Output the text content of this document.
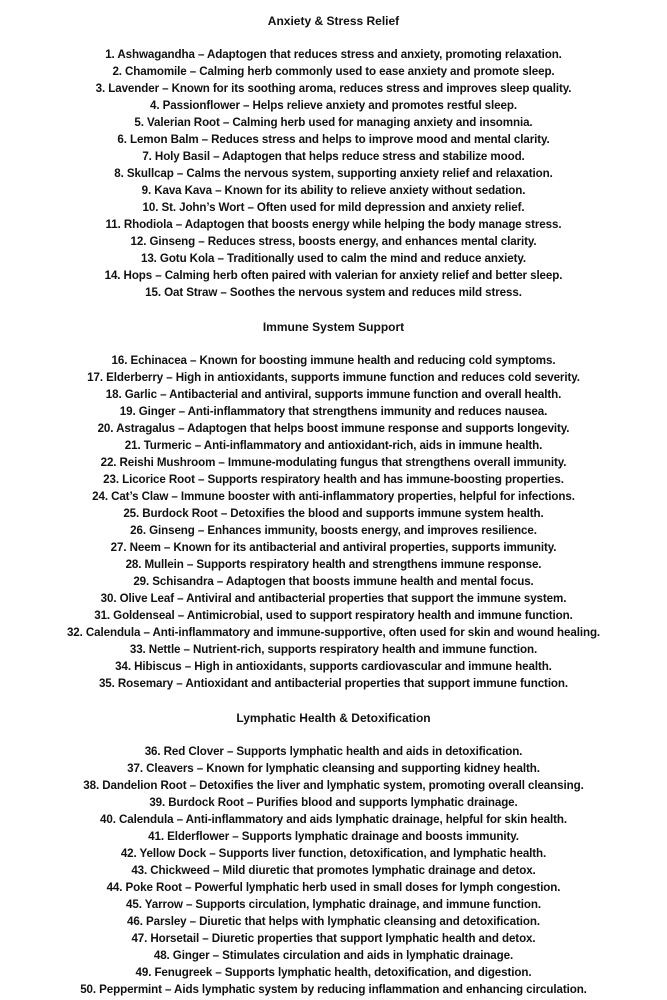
Anxiety & Stress Relief
1. Ashwagandha – Adaptogen that reduces stress and anxiety, promoting relaxation.
2. Chamomile – Calming herb commonly used to ease anxiety and promote sleep.
3. Lavender – Known for its soothing aroma, reduces stress and improves sleep quality.
4. Passionflower – Helps relieve anxiety and promotes restful sleep.
5. Valerian Root – Calming herb used for managing anxiety and insomnia.
6. Lemon Balm – Reduces stress and helps to improve mood and mental clarity.
7. Holy Basil – Adaptogen that helps reduce stress and stabilize mood.
8. Skullcap – Calms the nervous system, supporting anxiety relief and relaxation.
9. Kava Kava – Known for its ability to relieve anxiety without sedation.
10. St. John’s Wort – Often used for mild depression and anxiety relief.
11. Rhodiola – Adaptogen that boosts energy while helping the body manage stress.
12. Ginseng – Reduces stress, boosts energy, and enhances mental clarity.
13. Gotu Kola – Traditionally used to calm the mind and reduce anxiety.
14. Hops – Calming herb often paired with valerian for anxiety relief and better sleep.
15. Oat Straw – Soothes the nervous system and reduces mild stress.
Immune System Support
16. Echinacea – Known for boosting immune health and reducing cold symptoms.
17. Elderberry – High in antioxidants, supports immune function and reduces cold severity.
18. Garlic – Antibacterial and antiviral, supports immune function and overall health.
19. Ginger – Anti-inflammatory that strengthens immunity and reduces nausea.
20. Astragalus – Adaptogen that helps boost immune response and supports longevity.
21. Turmeric – Anti-inflammatory and antioxidant-rich, aids in immune health.
22. Reishi Mushroom – Immune-modulating fungus that strengthens overall immunity.
23. Licorice Root – Supports respiratory health and has immune-boosting properties.
24. Cat’s Claw – Immune booster with anti-inflammatory properties, helpful for infections.
25. Burdock Root – Detoxifies the blood and supports immune system health.
26. Ginseng – Enhances immunity, boosts energy, and improves resilience.
27. Neem – Known for its antibacterial and antiviral properties, supports immunity.
28. Mullein – Supports respiratory health and strengthens immune response.
29. Schisandra – Adaptogen that boosts immune health and mental focus.
30. Olive Leaf – Antiviral and antibacterial properties that support the immune system.
31. Goldenseal – Antimicrobial, used to support respiratory health and immune function.
32. Calendula – Anti-inflammatory and immune-supportive, often used for skin and wound healing.
33. Nettle – Nutrient-rich, supports respiratory health and immune function.
34. Hibiscus – High in antioxidants, supports cardiovascular and immune health.
35. Rosemary – Antioxidant and antibacterial properties that support immune function.
Lymphatic Health & Detoxification
36. Red Clover – Supports lymphatic health and aids in detoxification.
37. Cleavers – Known for lymphatic cleansing and supporting kidney health.
38. Dandelion Root – Detoxifies the liver and lymphatic system, promoting overall cleansing.
39. Burdock Root – Purifies blood and supports lymphatic drainage.
40. Calendula – Anti-inflammatory and aids lymphatic drainage, helpful for skin health.
41. Elderflower – Supports lymphatic drainage and boosts immunity.
42. Yellow Dock – Supports liver function, detoxification, and lymphatic health.
43. Chickweed – Mild diuretic that promotes lymphatic drainage and detox.
44. Poke Root – Powerful lymphatic herb used in small doses for lymph congestion.
45. Yarrow – Supports circulation, lymphatic drainage, and immune function.
46. Parsley – Diuretic that helps with lymphatic cleansing and detoxification.
47. Horsetail – Diuretic properties that support lymphatic health and detox.
48. Ginger – Stimulates circulation and aids in lymphatic drainage.
49. Fenugreek – Supports lymphatic health, detoxification, and digestion.
50. Peppermint – Aids lymphatic system by reducing inflammation and enhancing circulation.
